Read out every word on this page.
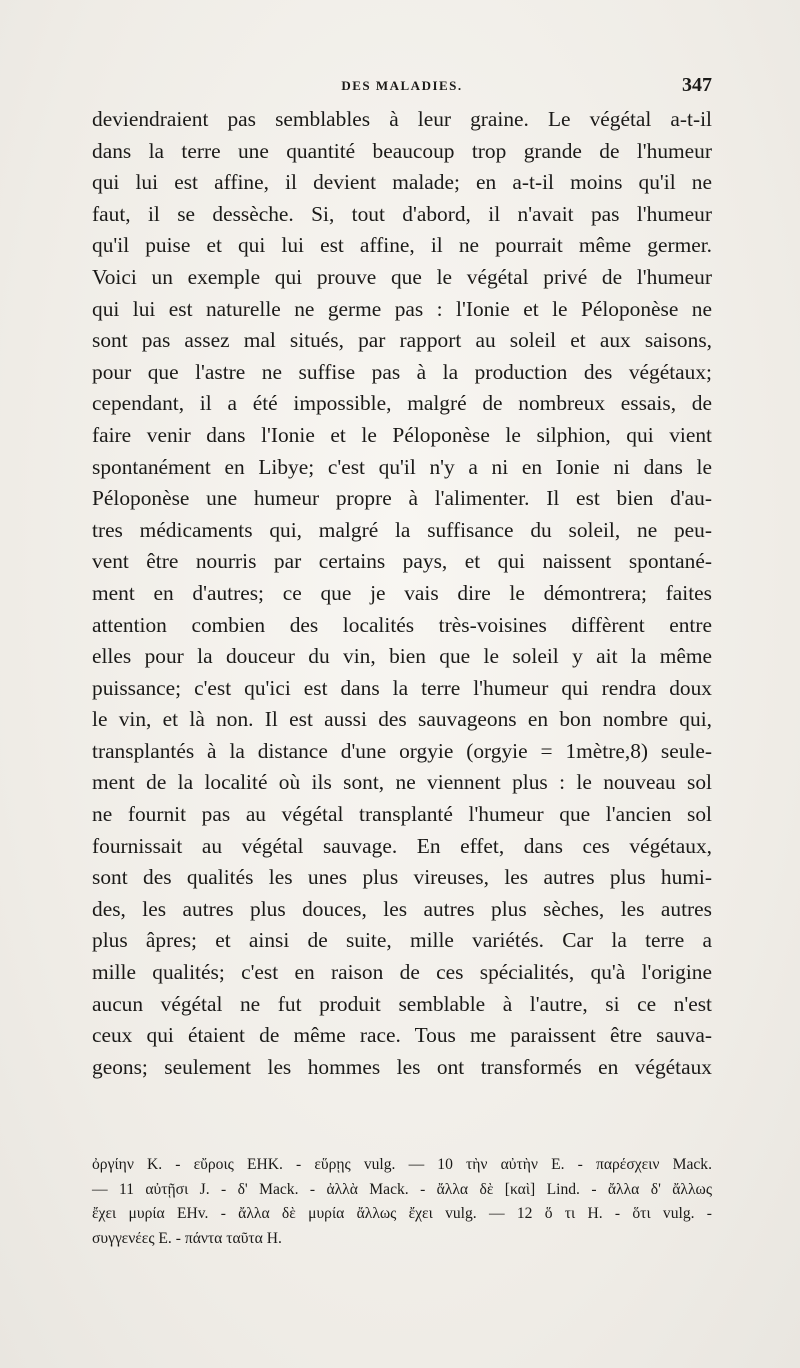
DES MALADIES.	347
deviendraient pas semblables à leur graine. Le végétal a-t-il
dans la terre une quantité beaucoup trop grande de l'humeur
qui lui est affine, il devient malade; en a-t-il moins qu'il ne
faut, il se dessèche. Si, tout d'abord, il n'avait pas l'humeur
qu'il puise et qui lui est affine, il ne pourrait même germer.
Voici un exemple qui prouve que le végétal privé de l'humeur
qui lui est naturelle ne germe pas : l'Ionie et le Péloponèse ne
sont pas assez mal situés, par rapport au soleil et aux saisons,
pour que l'astre ne suffise pas à la production des végétaux;
cependant, il a été impossible, malgré de nombreux essais, de
faire venir dans l'Ionie et le Péloponèse le silphion, qui vient
spontanément en Libye; c'est qu'il n'y a ni en Ionie ni dans le
Péloponèse une humeur propre à l'alimenter. Il est bien d'au-
tres médicaments qui, malgré la suffisance du soleil, ne peu-
vent être nourris par certains pays, et qui naissent spontané-
ment en d'autres; ce que je vais dire le démontrera; faites
attention combien des localités très-voisines diffèrent entre
elles pour la douceur du vin, bien que le soleil y ait la même
puissance; c'est qu'ici est dans la terre l'humeur qui rendra doux
le vin, et là non. Il est aussi des sauvageons en bon nombre qui,
transplantés à la distance d'une orgyie (orgyie = 1mètre,8) seule-
ment de la localité où ils sont, ne viennent plus : le nouveau sol
ne fournit pas au végétal transplanté l'humeur que l'ancien sol
fournissait au végétal sauvage. En effet, dans ces végétaux,
sont des qualités les unes plus vireuses, les autres plus humi-
des, les autres plus douces, les autres plus sèches, les autres
plus âpres; et ainsi de suite, mille variétés. Car la terre a
mille qualités; c'est en raison de ces spécialités, qu'à l'origine
aucun végétal ne fut produit semblable à l'autre, si ce n'est
ceux qui étaient de même race. Tous me paraissent être sauva-
geons; seulement les hommes les ont transformés en végétaux
ὀργίην K. - εὔροις EHK. - εὕρῃς vulg. — 10 τὴν αὐτὴν E. - παρέσχειν Mack.
— 11 αὐτῇσι J. - δ' Mack. - ἀλλὰ Mack. - ἄλλα δὲ [καὶ] Lind. - ἄλλα δ' ἄλλως
ἔχει μυρία EHv. - ἄλλα δὲ μυρία ἄλλως ἔχει vulg. — 12 ὅ τι H. - ὅτι vulg. -
συγγενέες E. - πάντα ταῦτα H.
